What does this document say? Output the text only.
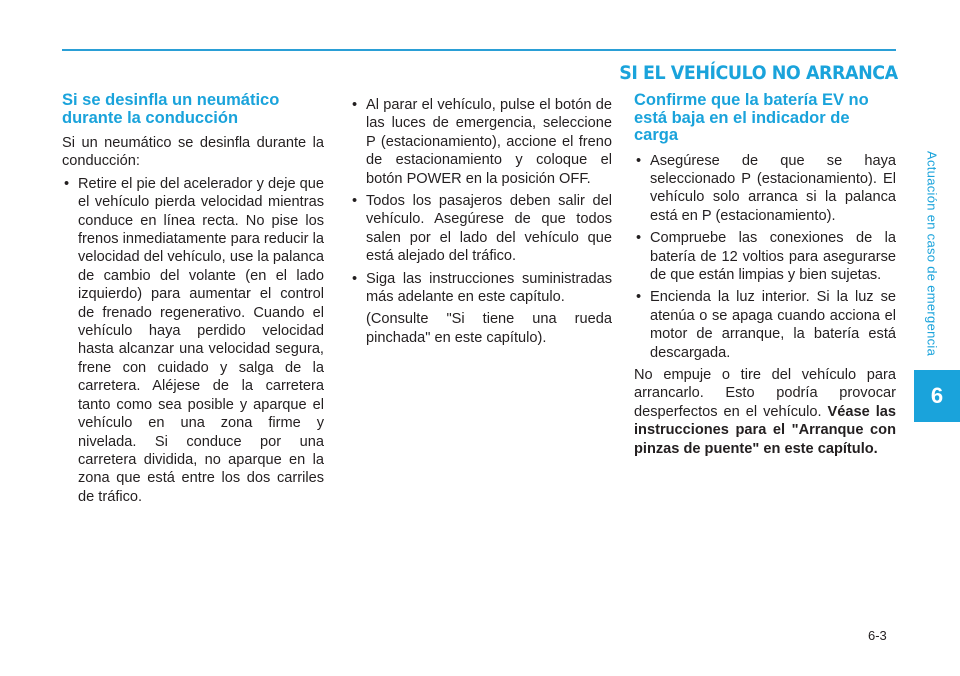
SI EL VEHÍCULO NO ARRANCA
Actuación en caso de emergencia
6
Si se desinfla un neumático durante la conducción

Si un neumático se desinfla durante la conducción:

• Retire el pie del acelerador y deje que el vehículo pierda velocidad mientras conduce en línea recta. No pise los frenos inmediatamente para reducir la velocidad del vehículo, use la palanca de cambio del volante (en el lado izquierdo) para aumentar el control de frenado regenerativo. Cuando el vehículo haya perdido velocidad hasta alcanzar una velocidad segura, frene con cuidado y salga de la carretera. Aléjese de la carretera tanto como sea posible y aparque el vehículo en una zona firme y nivelada. Si conduce por una carretera dividida, no aparque en la zona que está entre los dos carriles de tráfico.
• Al parar el vehículo, pulse el botón de las luces de emergencia, seleccione P (estacionamiento), accione el freno de estacionamiento y coloque el botón POWER en la posición OFF.
• Todos los pasajeros deben salir del vehículo. Asegúrese de que todos salen por el lado del vehículo que está alejado del tráfico.
• Siga las instrucciones suministradas más adelante en este capítulo.

(Consulte "Si tiene una rueda pinchada" en este capítulo).

Confirme que la batería EV no está baja en el indicador de carga
• Asegúrese de que se haya seleccionado P (estacionamiento). El vehículo solo arranca si la palanca está en P (estacionamiento).
• Compruebe las conexiones de la batería de 12 voltios para asegurarse de que están limpias y bien sujetas.
• Encienda la luz interior. Si la luz se atenúa o se apaga cuando acciona el motor de arranque, la batería está descargada.

No empuje o tire del vehículo para arrancarlo. Esto podría provocar desperfectos en el vehículo. Véase las instrucciones para el "Arranque con pinzas de puente" en este capítulo.

6-3
